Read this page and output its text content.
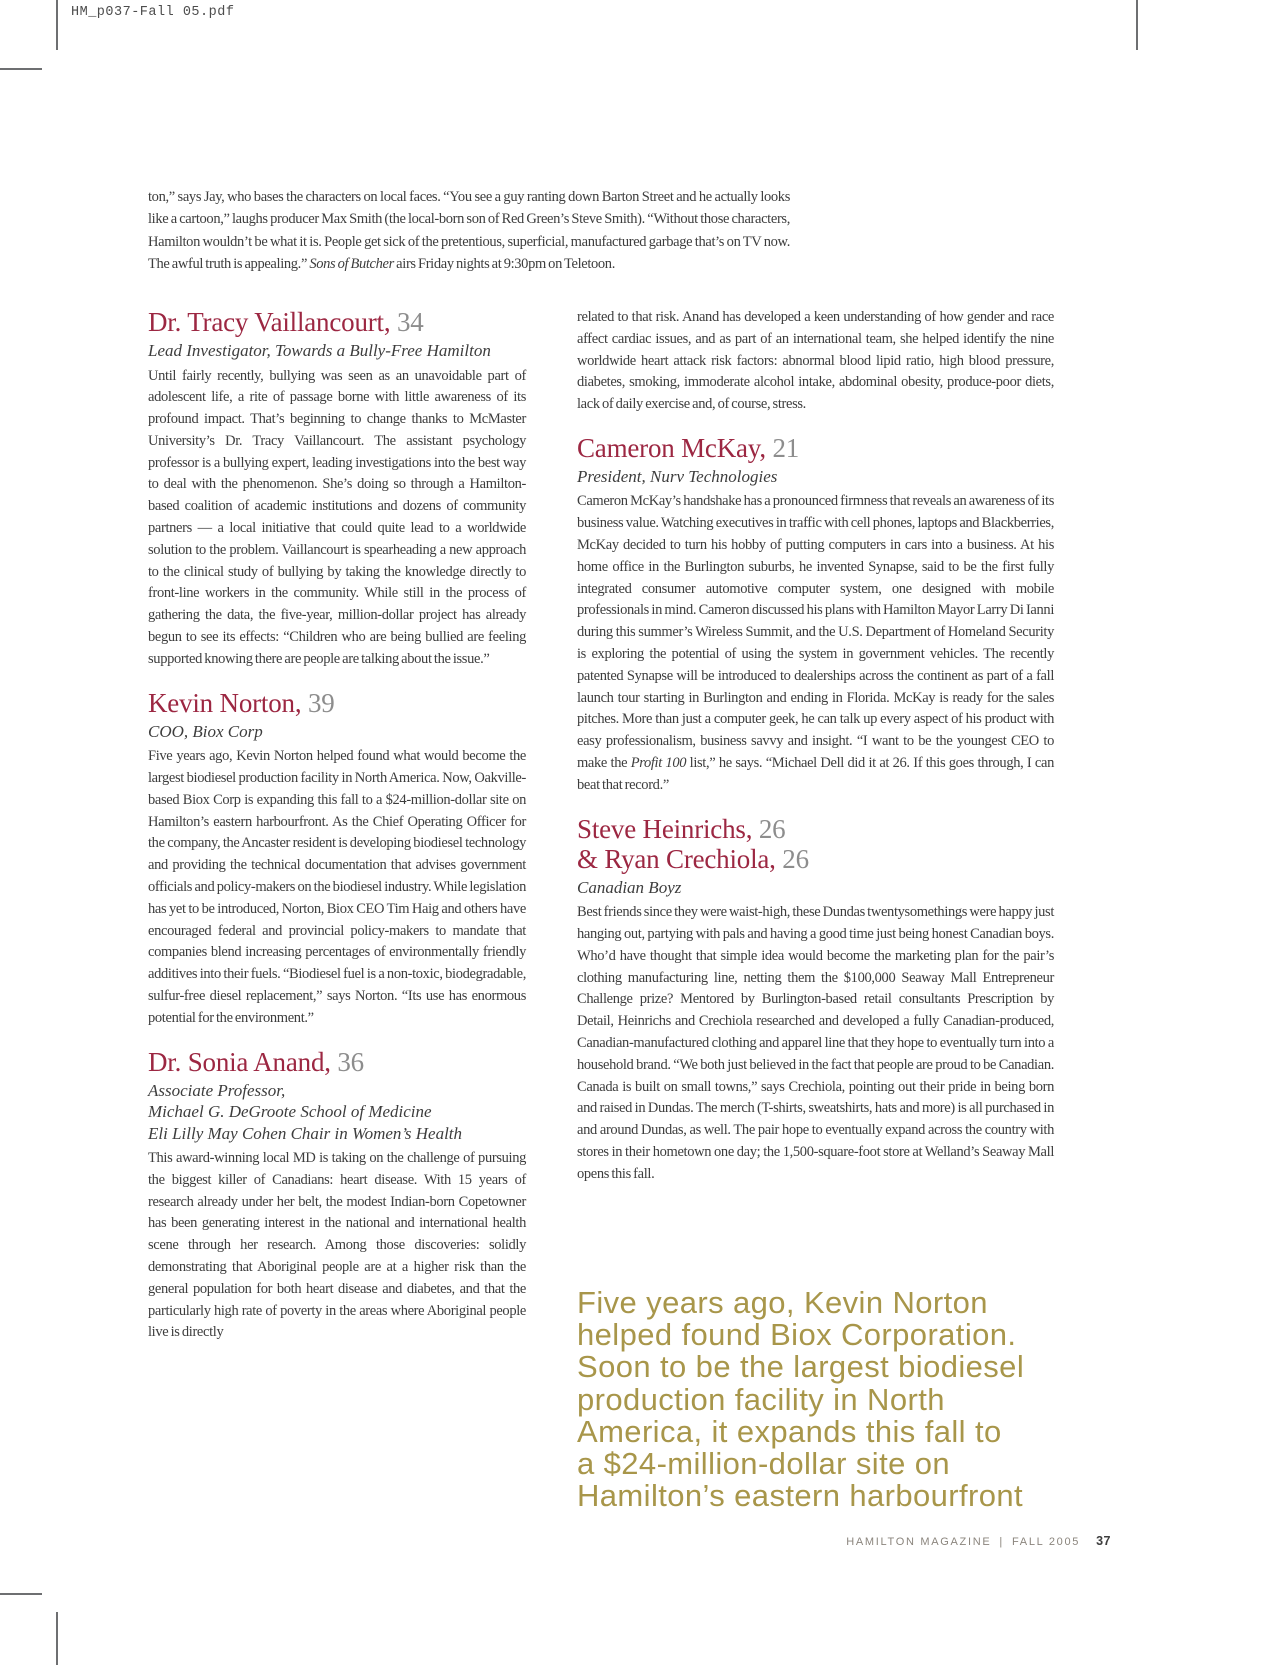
HM_p037-Fall 05.pdf

ton,” says Jay, who bases the characters on local faces. “You see a guy ranting down Barton Street and he actually looks like a cartoon,” laughs producer Max Smith (the local-born son of Red Green’s Steve Smith). “Without those characters, Hamilton wouldn’t be what it is. People get sick of the pretentious, superficial, manufactured garbage that’s on TV now. The awful truth is appealing.” Sons of Butcher airs Friday nights at 9:30pm on Teletoon.

Dr. Tracy Vaillancourt, 34
Lead Investigator, Towards a Bully-Free Hamilton

Until fairly recently, bullying was seen as an unavoidable part of adolescent life, a rite of passage borne with little awareness of its profound impact. That’s beginning to change thanks to McMaster University’s Dr. Tracy Vaillancourt. The assistant psychology professor is a bullying expert, leading investigations into the best way to deal with the phenomenon. She’s doing so through a Hamilton-based coalition of academic institutions and dozens of community partners — a local initiative that could quite lead to a worldwide solution to the problem. Vaillancourt is spearheading a new approach to the clinical study of bullying by taking the knowledge directly to front-line workers in the community. While still in the process of gathering the data, the five-year, million-dollar project has already begun to see its effects: “Children who are being bullied are feeling supported knowing there are people are talking about the issue.”

Kevin Norton, 39
COO, Biox Corp

Five years ago, Kevin Norton helped found what would become the largest biodiesel production facility in North America. Now, Oakville-based Biox Corp is expanding this fall to a $24-million-dollar site on Hamilton’s eastern harbourfront. As the Chief Operating Officer for the company, the Ancaster resident is developing biodiesel technology and providing the technical documentation that advises government officials and policy-makers on the biodiesel industry. While legislation has yet to be introduced, Norton, Biox CEO Tim Haig and others have encouraged federal and provincial policy-makers to mandate that companies blend increasing percentages of environmentally friendly additives into their fuels. “Biodiesel fuel is a non-toxic, biodegradable, sulfur-free diesel replacement,” says Norton. “Its use has enormous potential for the environment.”

Dr. Sonia Anand, 36
Associate Professor,
Michael G. DeGroote School of Medicine
Eli Lilly May Cohen Chair in Women’s Health

This award-winning local MD is taking on the challenge of pursuing the biggest killer of Canadians: heart disease. With 15 years of research already under her belt, the modest Indian-born Copetowner has been generating interest in the national and international health scene through her research. Among those discoveries: solidly demonstrating that Aboriginal people are at a higher risk than the general population for both heart disease and diabetes, and that the particularly high rate of poverty in the areas where Aboriginal people live is directly

related to that risk. Anand has developed a keen understanding of how gender and race affect cardiac issues, and as part of an international team, she helped identify the nine worldwide heart attack risk factors: abnormal blood lipid ratio, high blood pressure, diabetes, smoking, immoderate alcohol intake, abdominal obesity, produce-poor diets, lack of daily exercise and, of course, stress.

Cameron McKay, 21
President, Nurv Technologies

Cameron McKay’s handshake has a pronounced firmness that reveals an awareness of its business value. Watching executives in traffic with cell phones, laptops and Blackberries, McKay decided to turn his hobby of putting computers in cars into a business. At his home office in the Burlington suburbs, he invented Synapse, said to be the first fully integrated consumer automotive computer system, one designed with mobile professionals in mind. Cameron discussed his plans with Hamilton Mayor Larry Di Ianni during this summer’s Wireless Summit, and the U.S. Department of Homeland Security is exploring the potential of using the system in government vehicles. The recently patented Synapse will be introduced to dealerships across the continent as part of a fall launch tour starting in Burlington and ending in Florida. McKay is ready for the sales pitches. More than just a computer geek, he can talk up every aspect of his product with easy professionalism, business savvy and insight. “I want to be the youngest CEO to make the Profit 100 list,” he says. “Michael Dell did it at 26. If this goes through, I can beat that record.”

Steve Heinrichs, 26
& Ryan Crechiola, 26
Canadian Boyz

Best friends since they were waist-high, these Dundas twentysomethings were happy just hanging out, partying with pals and having a good time just being honest Canadian boys. Who’d have thought that simple idea would become the marketing plan for the pair’s clothing manufacturing line, netting them the $100,000 Seaway Mall Entrepreneur Challenge prize? Mentored by Burlington-based retail consultants Prescription by Detail, Heinrichs and Crechiola researched and developed a fully Canadian-produced, Canadian-manufactured clothing and apparel line that they hope to eventually turn into a household brand. “We both just believed in the fact that people are proud to be Canadian. Canada is built on small towns,” says Crechiola, pointing out their pride in being born and raised in Dundas. The merch (T-shirts, sweatshirts, hats and more) is all purchased in and around Dundas, as well. The pair hope to eventually expand across the country with stores in their hometown one day; the 1,500-square-foot store at Welland’s Seaway Mall opens this fall.

Five years ago, Kevin Norton
helped found Biox Corporation.
Soon to be the largest biodiesel
production facility in North
America, it expands this fall to
a $24-million-dollar site on
Hamilton’s eastern harbourfront
HAMILTON MAGAZINE | FALL 2005 37
